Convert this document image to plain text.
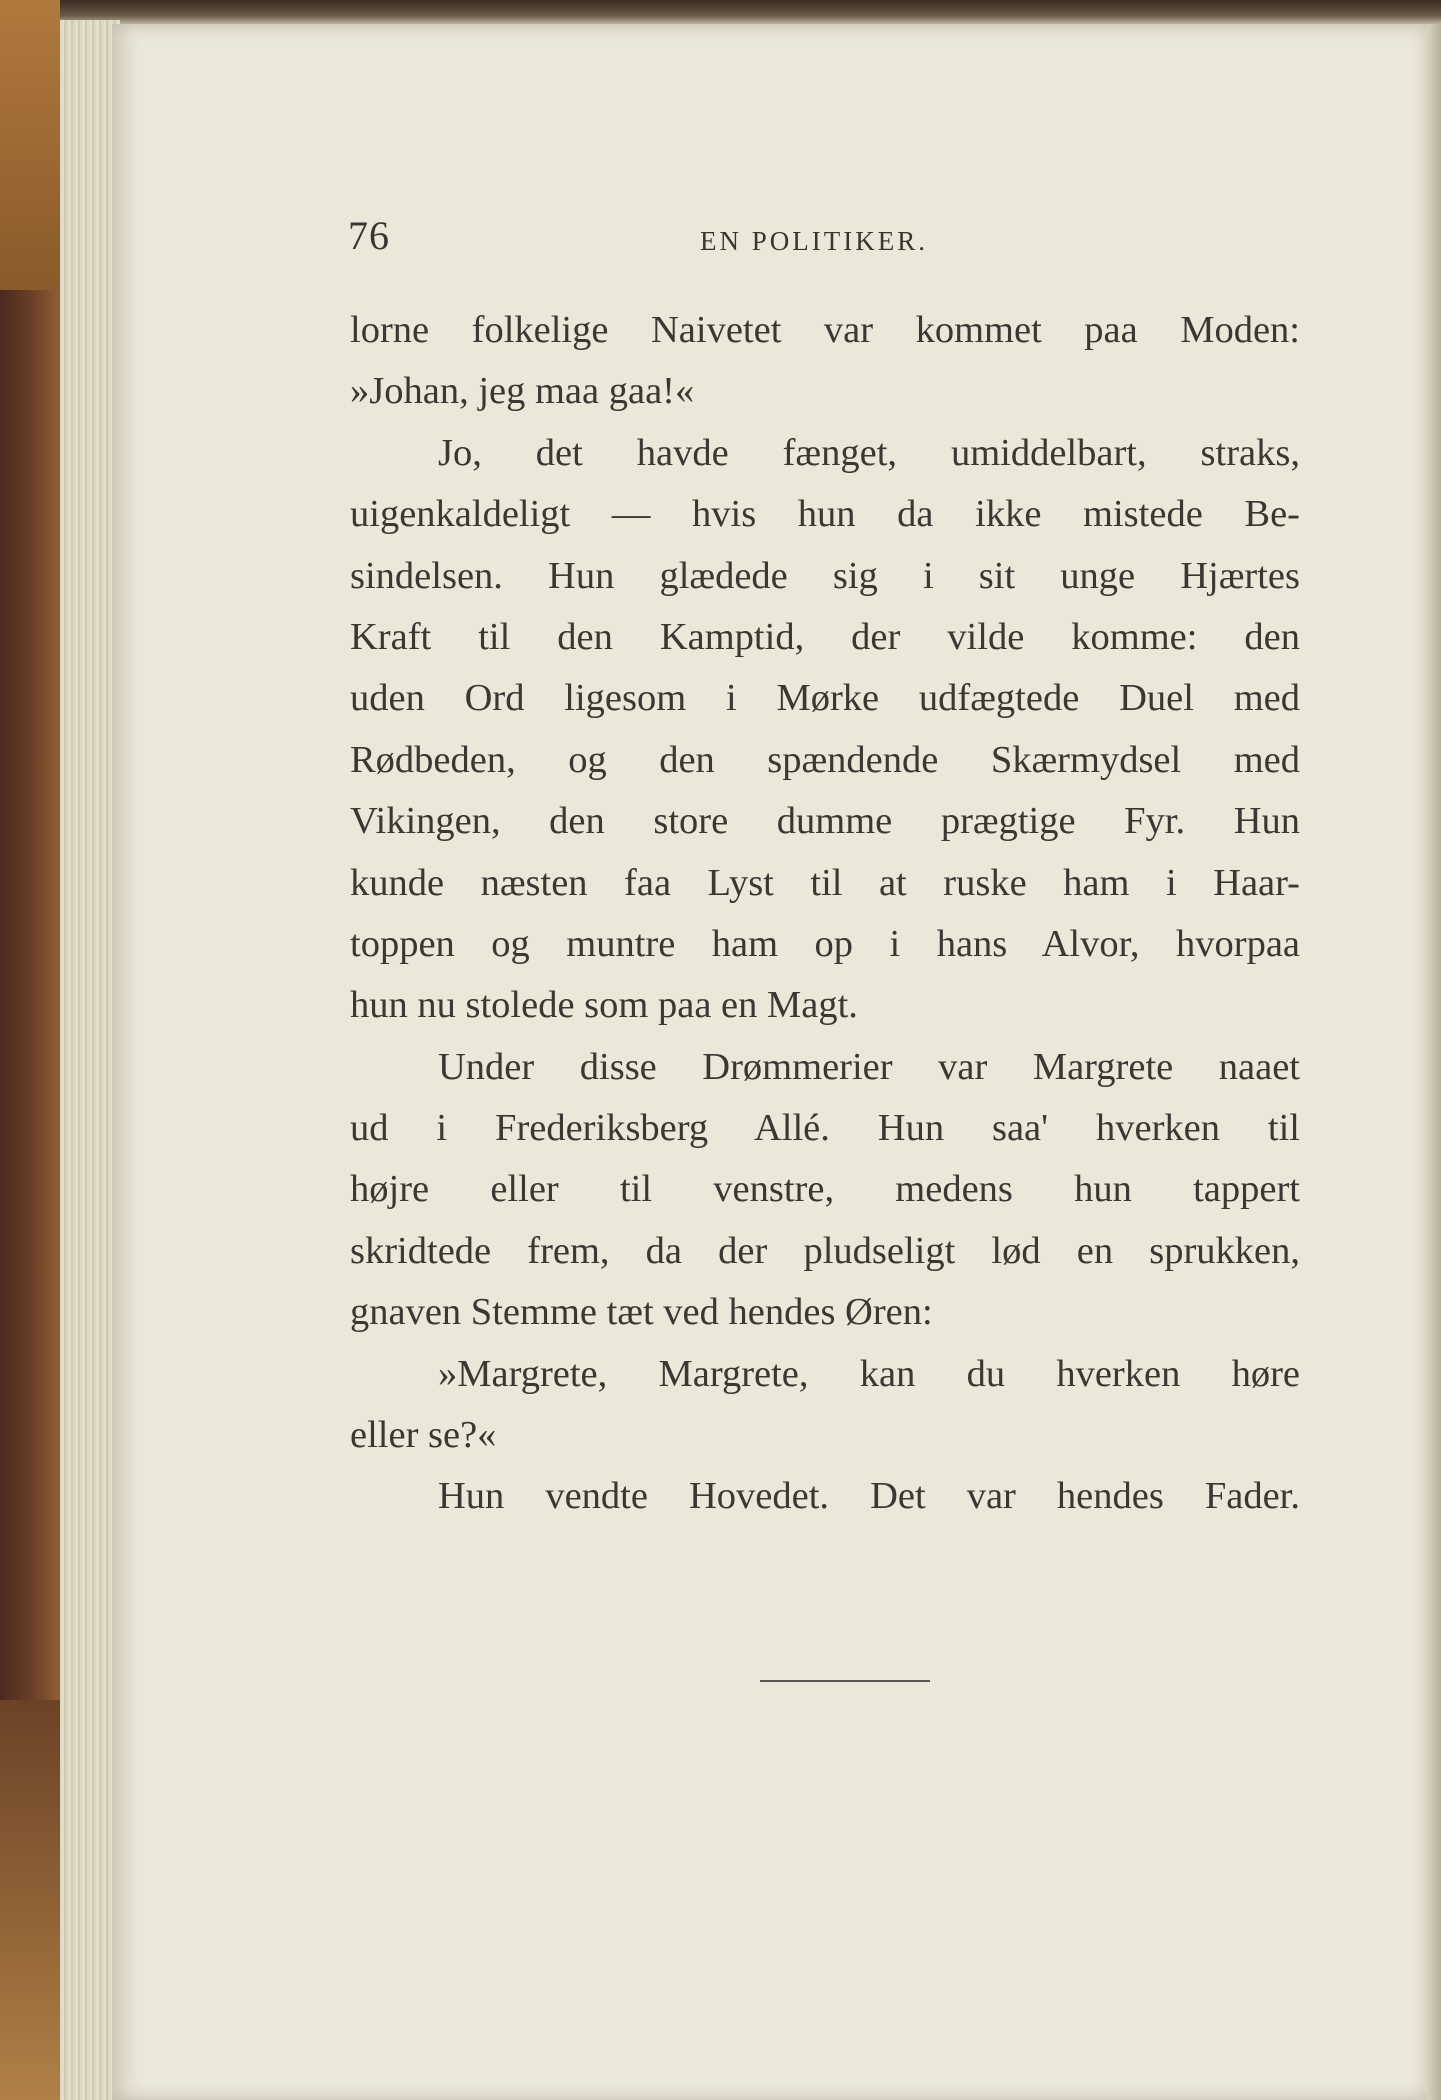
76	EN POLITIKER.
lorne folkelige Naivetet var kommet paa Moden:
»Johan, jeg maa gaa!«
Jo, det havde fænget, umiddelbart, straks,
uigenkaldeligt — hvis hun da ikke mistede Be-
sindelsen. Hun glædede sig i sit unge Hjærtes
Kraft til den Kamptid, der vilde komme: den
uden Ord ligesom i Mørke udfægtede Duel med
Rødbeden, og den spændende Skærmydsel med
Vikingen, den store dumme prægtige Fyr. Hun
kunde næsten faa Lyst til at ruske ham i Haar-
toppen og muntre ham op i hans Alvor, hvorpaa
hun nu stolede som paa en Magt.
Under disse Drømmerier var Margrete naaet
ud i Frederiksberg Allé. Hun saa' hverken til
højre eller til venstre, medens hun tappert
skridtede frem, da der pludseligt lød en sprukken,
gnaven Stemme tæt ved hendes Øren:
»Margrete, Margrete, kan du hverken høre
eller se?«
Hun vendte Hovedet. Det var hendes Fader.
